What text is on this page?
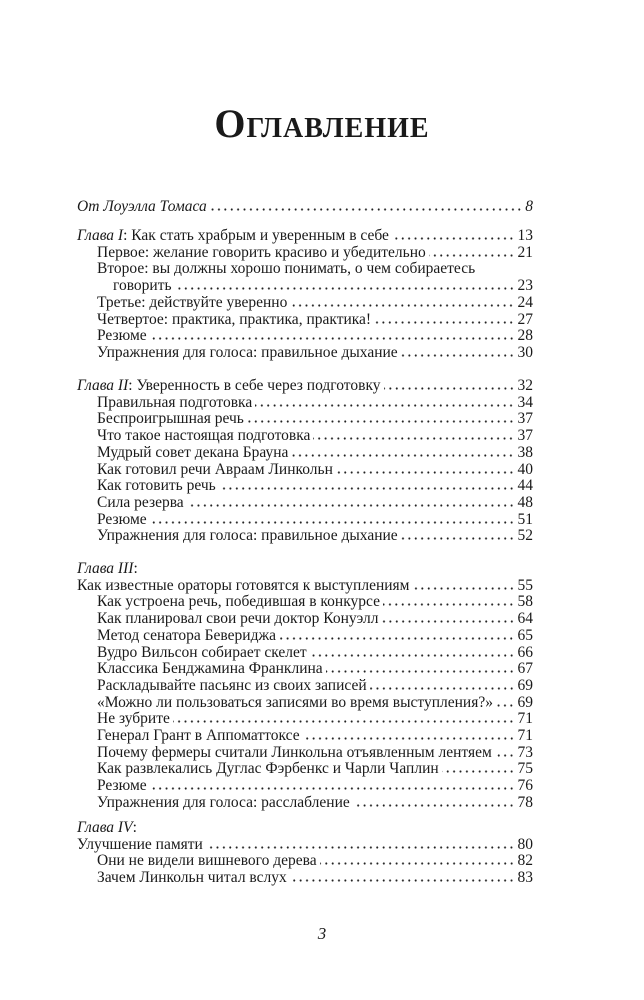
Оглавление
От Лоуэлла Томаса	8
Глава I: Как стать храбрым и уверенным в себе	13
Первое: желание говорить красиво и убедительно	21
Второе: вы должны хорошо понимать, о чем собираетесь
говорить	23
Третье: действуйте уверенно	24
Четвертое: практика, практика, практика!	27
Резюме	28
Упражнения для голоса: правильное дыхание	30
Глава II: Уверенность в себе через подготовку	32
Правильная подготовка	34
Беспроигрышная речь	37
Что такое настоящая подготовка	37
Мудрый совет декана Брауна	38
Как готовил речи Авраам Линкольн	40
Как готовить речь	44
Сила резерва	48
Резюме	51
Упражнения для голоса: правильное дыхание	52
Глава III:
Как известные ораторы готовятся к выступлениям	55
Как устроена речь, победившая в конкурсе	58
Как планировал свои речи доктор Конуэлл	64
Метод сенатора Бевериджа	65
Вудро Вильсон собирает скелет	66
Классика Бенджамина Франклина	67
Раскладывайте пасьянс из своих записей	69
«Можно ли пользоваться записями во время выступления?» 69
Не зубрите	71
Генерал Грант в Аппоматтоксе	71
Почему фермеры считали Линкольна отъявленным лентяем 73
Как развлекались Дуглас Фэрбенкс и Чарли Чаплин	75
Резюме	76
Упражнения для голоса: расслабление	78
Глава IV:
Улучшение памяти	80
Они не видели вишневого дерева	82
Зачем Линкольн читал вслух	83
3
